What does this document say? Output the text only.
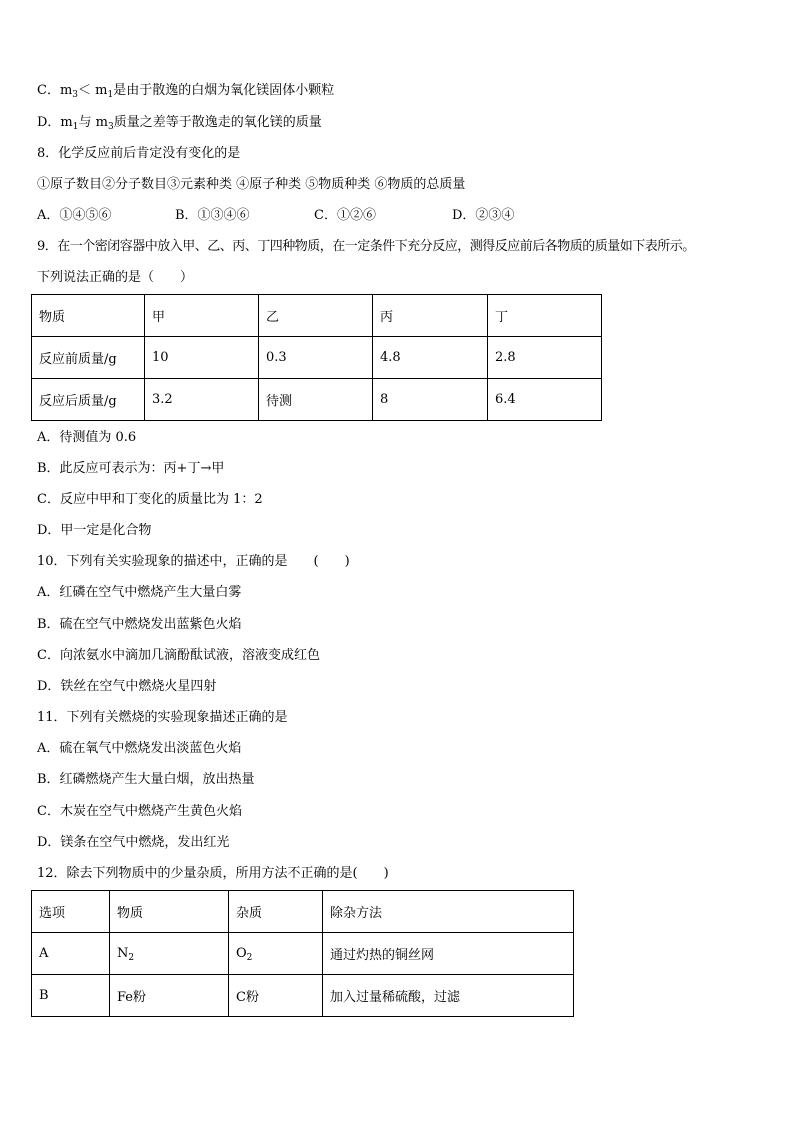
C．$m_3< m_1$是由于散逸的白烟为氧化镁固体小颗粒
D．$m_1$与 $m_3$质量之差等于散逸走的氧化镁的质量
8．化学反应前后肯定没有变化的是
①原子数目②分子数目③元素种类 ④原子种类 ⑤物质种类 ⑥物质的总质量
A．①④⑤⑥	B．①③④⑥	C．①②⑥	D．②③④
9．在一个密闭容器中放入甲、乙、丙、丁四种物质，在一定条件下充分反应，测得反应前后各物质的质量如下表所示。
下列说法正确的是（　　）
物质	甲	乙	丙	丁
反应前质量/g	10	0.3	4.8	2.8
反应后质量/g	3.2	待测	8	6.4
A．待测值为 0.6
B．此反应可表示为：丙+丁→甲
C．反应中甲和丁变化的质量比为 1：2
D．甲一定是化合物
10．下列有关实验现象的描述中，正确的是　　(　　)
A．红磷在空气中燃烧产生大量白雾
B．硫在空气中燃烧发出蓝紫色火焰
C．向浓氨水中滴加几滴酚酞试液，溶液变成红色
D．铁丝在空气中燃烧火星四射
11．下列有关燃烧的实验现象描述正确的是
A．硫在氧气中燃烧发出淡蓝色火焰
B．红磷燃烧产生大量白烟，放出热量
C．木炭在空气中燃烧产生黄色火焰
D．镁条在空气中燃烧，发出红光
12．除去下列物质中的少量杂质，所用方法不正确的是(　　)
选项	物质	杂质	除杂方法
A	$N_2$	$O_2$	通过灼热的铜丝网
B	Fe粉	C粉	加入过量稀硫酸，过滤
